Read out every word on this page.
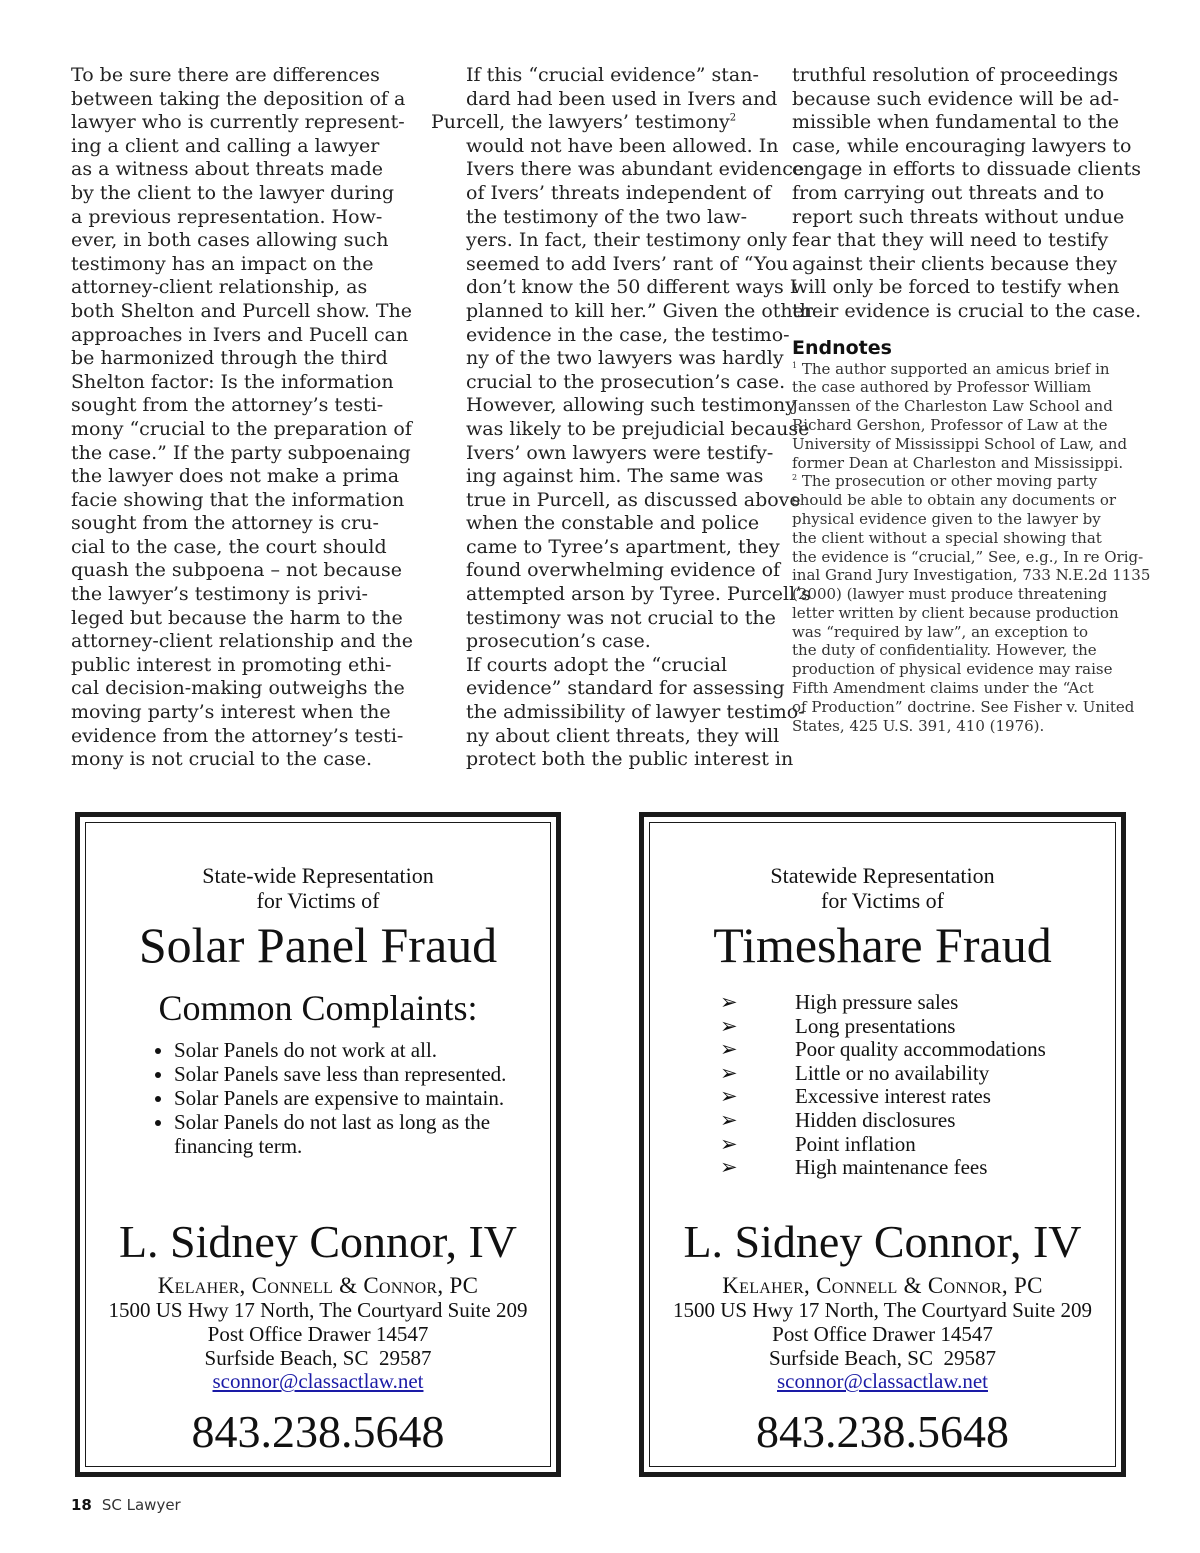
To be sure there are differences
between taking the deposition of a
lawyer who is currently represent-
ing a client and calling a lawyer
as a witness about threats made
by the client to the lawyer during
a previous representation. How-
ever, in both cases allowing such
testimony has an impact on the
attorney-client relationship, as
both Shelton and Purcell show. The
approaches in Ivers and Pucell can
be harmonized through the third
Shelton factor: Is the information
sought from the attorney’s testi-
mony “crucial to the preparation of
the case.” If the party subpoenaing
the lawyer does not make a prima
facie showing that the information
sought from the attorney is cru-
cial to the case, the court should
quash the subpoena – not because
the lawyer’s testimony is privi-
leged but because the harm to the
attorney-client relationship and the
public interest in promoting ethi-
cal decision-making outweighs the
moving party’s interest when the
evidence from the attorney’s testi-
mony is not crucial to the case.

If this “crucial evidence” stan-
dard had been used in Ivers and
Purcell, the lawyers’ testimony$^2$
would not have been allowed. In
Ivers there was abundant evidence
of Ivers’ threats independent of
the testimony of the two law-
yers. In fact, their testimony only
seemed to add Ivers’ rant of “You
don’t know the 50 different ways I
planned to kill her.” Given the other
evidence in the case, the testimo-
ny of the two lawyers was hardly
crucial to the prosecution’s case.
However, allowing such testimony
was likely to be prejudicial because
Ivers’ own lawyers were testify-
ing against him. The same was
true in Purcell, as discussed above
when the constable and police
came to Tyree’s apartment, they
found overwhelming evidence of
attempted arson by Tyree. Purcell’s
testimony was not crucial to the
prosecution’s case.

If courts adopt the “crucial
evidence” standard for assessing
the admissibility of lawyer testimo-
ny about client threats, they will
protect both the public interest in

truthful resolution of proceedings
because such evidence will be ad-
missible when fundamental to the
case, while encouraging lawyers to
engage in efforts to dissuade clients
from carrying out threats and to
report such threats without undue
fear that they will need to testify
against their clients because they
will only be forced to testify when
their evidence is crucial to the case.

Endnotes
$^1$ The author supported an amicus brief in
the case authored by Professor William
Janssen of the Charleston Law School and
Richard Gershon, Professor of Law at the
University of Mississippi School of Law, and
former Dean at Charleston and Mississippi.
$^2$ The prosecution or other moving party
should be able to obtain any documents or
physical evidence given to the lawyer by
the client without a special showing that
the evidence is “crucial,” See, e.g., In re Orig-
inal Grand Jury Investigation, 733 N.E.2d 1135
(2000) (lawyer must produce threatening
letter written by client because production
was “required by law”, an exception to
the duty of confidentiality. However, the
production of physical evidence may raise
Fifth Amendment claims under the “Act
of Production” doctrine. See Fisher v. United
States, 425 U.S. 391, 410 (1976).
State-wide Representation
for Victims of
Solar Panel Fraud
Common Complaints:
• Solar Panels do not work at all.
• Solar Panels save less than represented.
• Solar Panels are expensive to maintain.
• Solar Panels do not last as long as the financing term.
L. Sidney Connor, IV
Kelaher, Connell & Connor, PC
1500 US Hwy 17 North, The Courtyard Suite 209
Post Office Drawer 14547
Surfside Beach, SC  29587
sconnor@classactlaw.net
843.238.5648
Statewide Representation
for Victims of
Timeshare Fraud
➢	High pressure sales
➢	Long presentations
➢	Poor quality accommodations
➢	Little or no availability
➢	Excessive interest rates
➢	Hidden disclosures
➢	Point inflation
➢	High maintenance fees
L. Sidney Connor, IV
Kelaher, Connell & Connor, PC
1500 US Hwy 17 North, The Courtyard Suite 209
Post Office Drawer 14547
Surfside Beach, SC  29587
sconnor@classactlaw.net
843.238.5648
18 SC Lawyer
